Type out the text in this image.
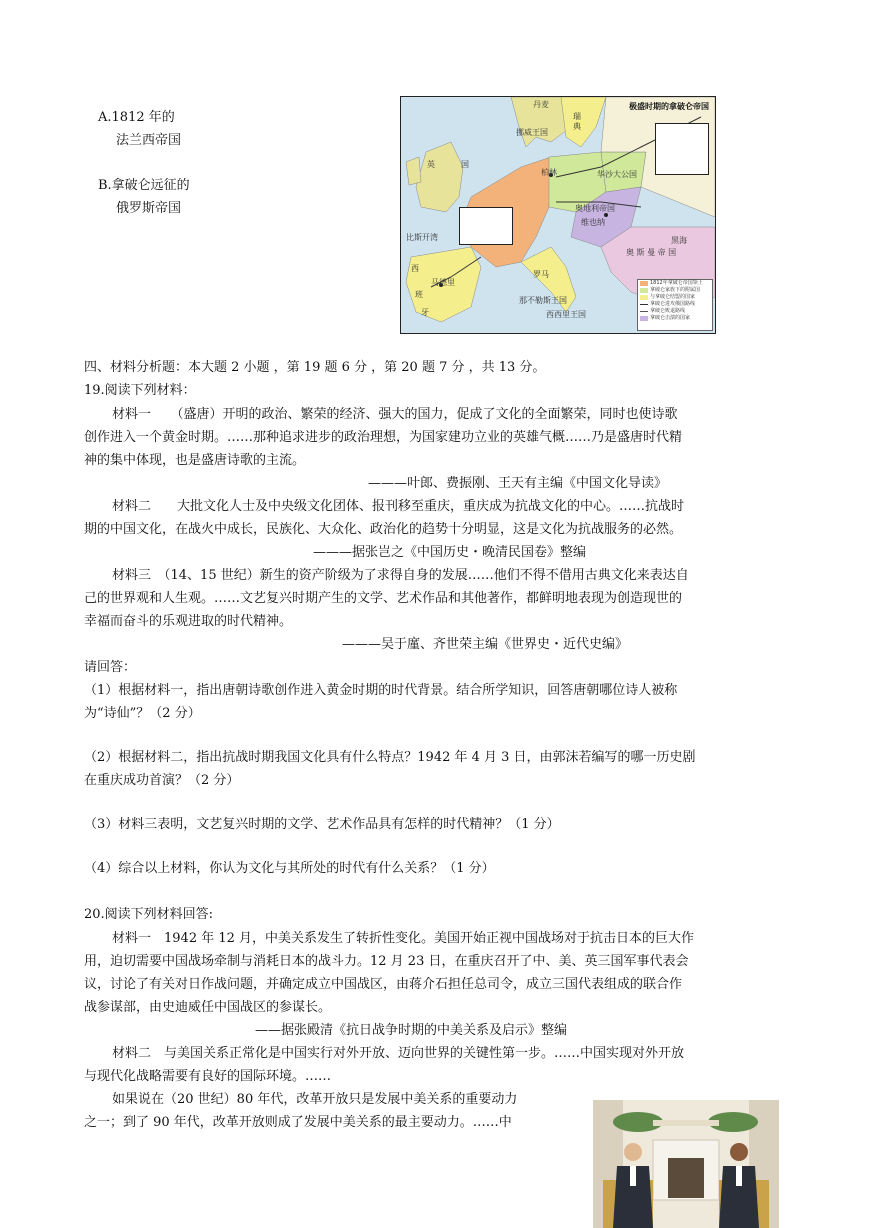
A.1812 年的
法兰西帝国
B.拿破仑远征的
俄罗斯帝国
极盛时期的拿破仑帝国
丹麦
挪威王国
瑞
典
英	国
柏林	华沙大公国
奥地利帝国
维也纳
马德里
西
班
牙
奥 斯 曼 帝 国
西西里王国
那不勒斯王国
罗马
比斯开湾	黑海
1812年拿破仑帝国领土
拿破仑家族下的附属国
与拿破仑结盟的国家
拿破仑进攻俄国路线
拿破仑败退路线
拿破仑击溃的国家
四、材料分析题：本大题 2 小题 ，第 19 题 6 分 ，第 20 题 7 分 ，共 13 分。
19.阅读下列材料：
材料一　　（盛唐）开明的政治、繁荣的经济、强大的国力，促成了文化的全面繁荣，同时也使诗歌
创作进入一个黄金时期。……那种追求进步的政治理想，为国家建功立业的英雄气概……乃是盛唐时代精
神的集中体现，也是盛唐诗歌的主流。
———叶郎、费振刚、王天有主编《中国文化导读》
材料二　　大批文化人士及中央级文化团体、报刊移至重庆，重庆成为抗战文化的中心。……抗战时
期的中国文化，在战火中成长，民族化、大众化、政治化的趋势十分明显，这是文化为抗战服务的必然。
———据张岂之《中国历史・晚清民国卷》整编
材料三　（14、15 世纪）新生的资产阶级为了求得自身的发展……他们不得不借用古典文化来表达自
己的世界观和人生观。……文艺复兴时期产生的文学、艺术作品和其他著作，都鲜明地表现为创造现世的
幸福而奋斗的乐观进取的时代精神。
———吴于廑、齐世荣主编《世界史・近代史编》
请回答：
（1）根据材料一，指出唐朝诗歌创作进入黄金时期的时代背景。结合所学知识，回答唐朝哪位诗人被称
为“诗仙”？（2 分）
（2）根据材料二，指出抗战时期我国文化具有什么特点？1942 年 4 月 3 日，由郭沫若编写的哪一历史剧
在重庆成功首演？（2 分）
（3）材料三表明，文艺复兴时期的文学、艺术作品具有怎样的时代精神？（1 分）
（4）综合以上材料，你认为文化与其所处的时代有什么关系？（1 分）
20.阅读下列材料回答:
材料一　1942 年 12 月，中美关系发生了转折性变化。美国开始正视中国战场对于抗击日本的巨大作
用，迫切需要中国战场牵制与消耗日本的战斗力。12 月 23 日，在重庆召开了中、美、英三国军事代表会
议，讨论了有关对日作战问题，并确定成立中国战区，由蒋介石担任总司令，成立三国代表组成的联合作
战参谋部，由史迪威任中国战区的参谋长。
——据张殿清《抗日战争时期的中美关系及启示》整编
材料二　与美国关系正常化是中国实行对外开放、迈向世界的关键性第一步。……中国实现对外开放
与现代化战略需要有良好的国际环境。……
如果说在（20 世纪）80 年代，改革开放只是发展中美关系的重要动力
之一；到了 90 年代，改革开放则成了发展中美关系的最主要动力。……中
